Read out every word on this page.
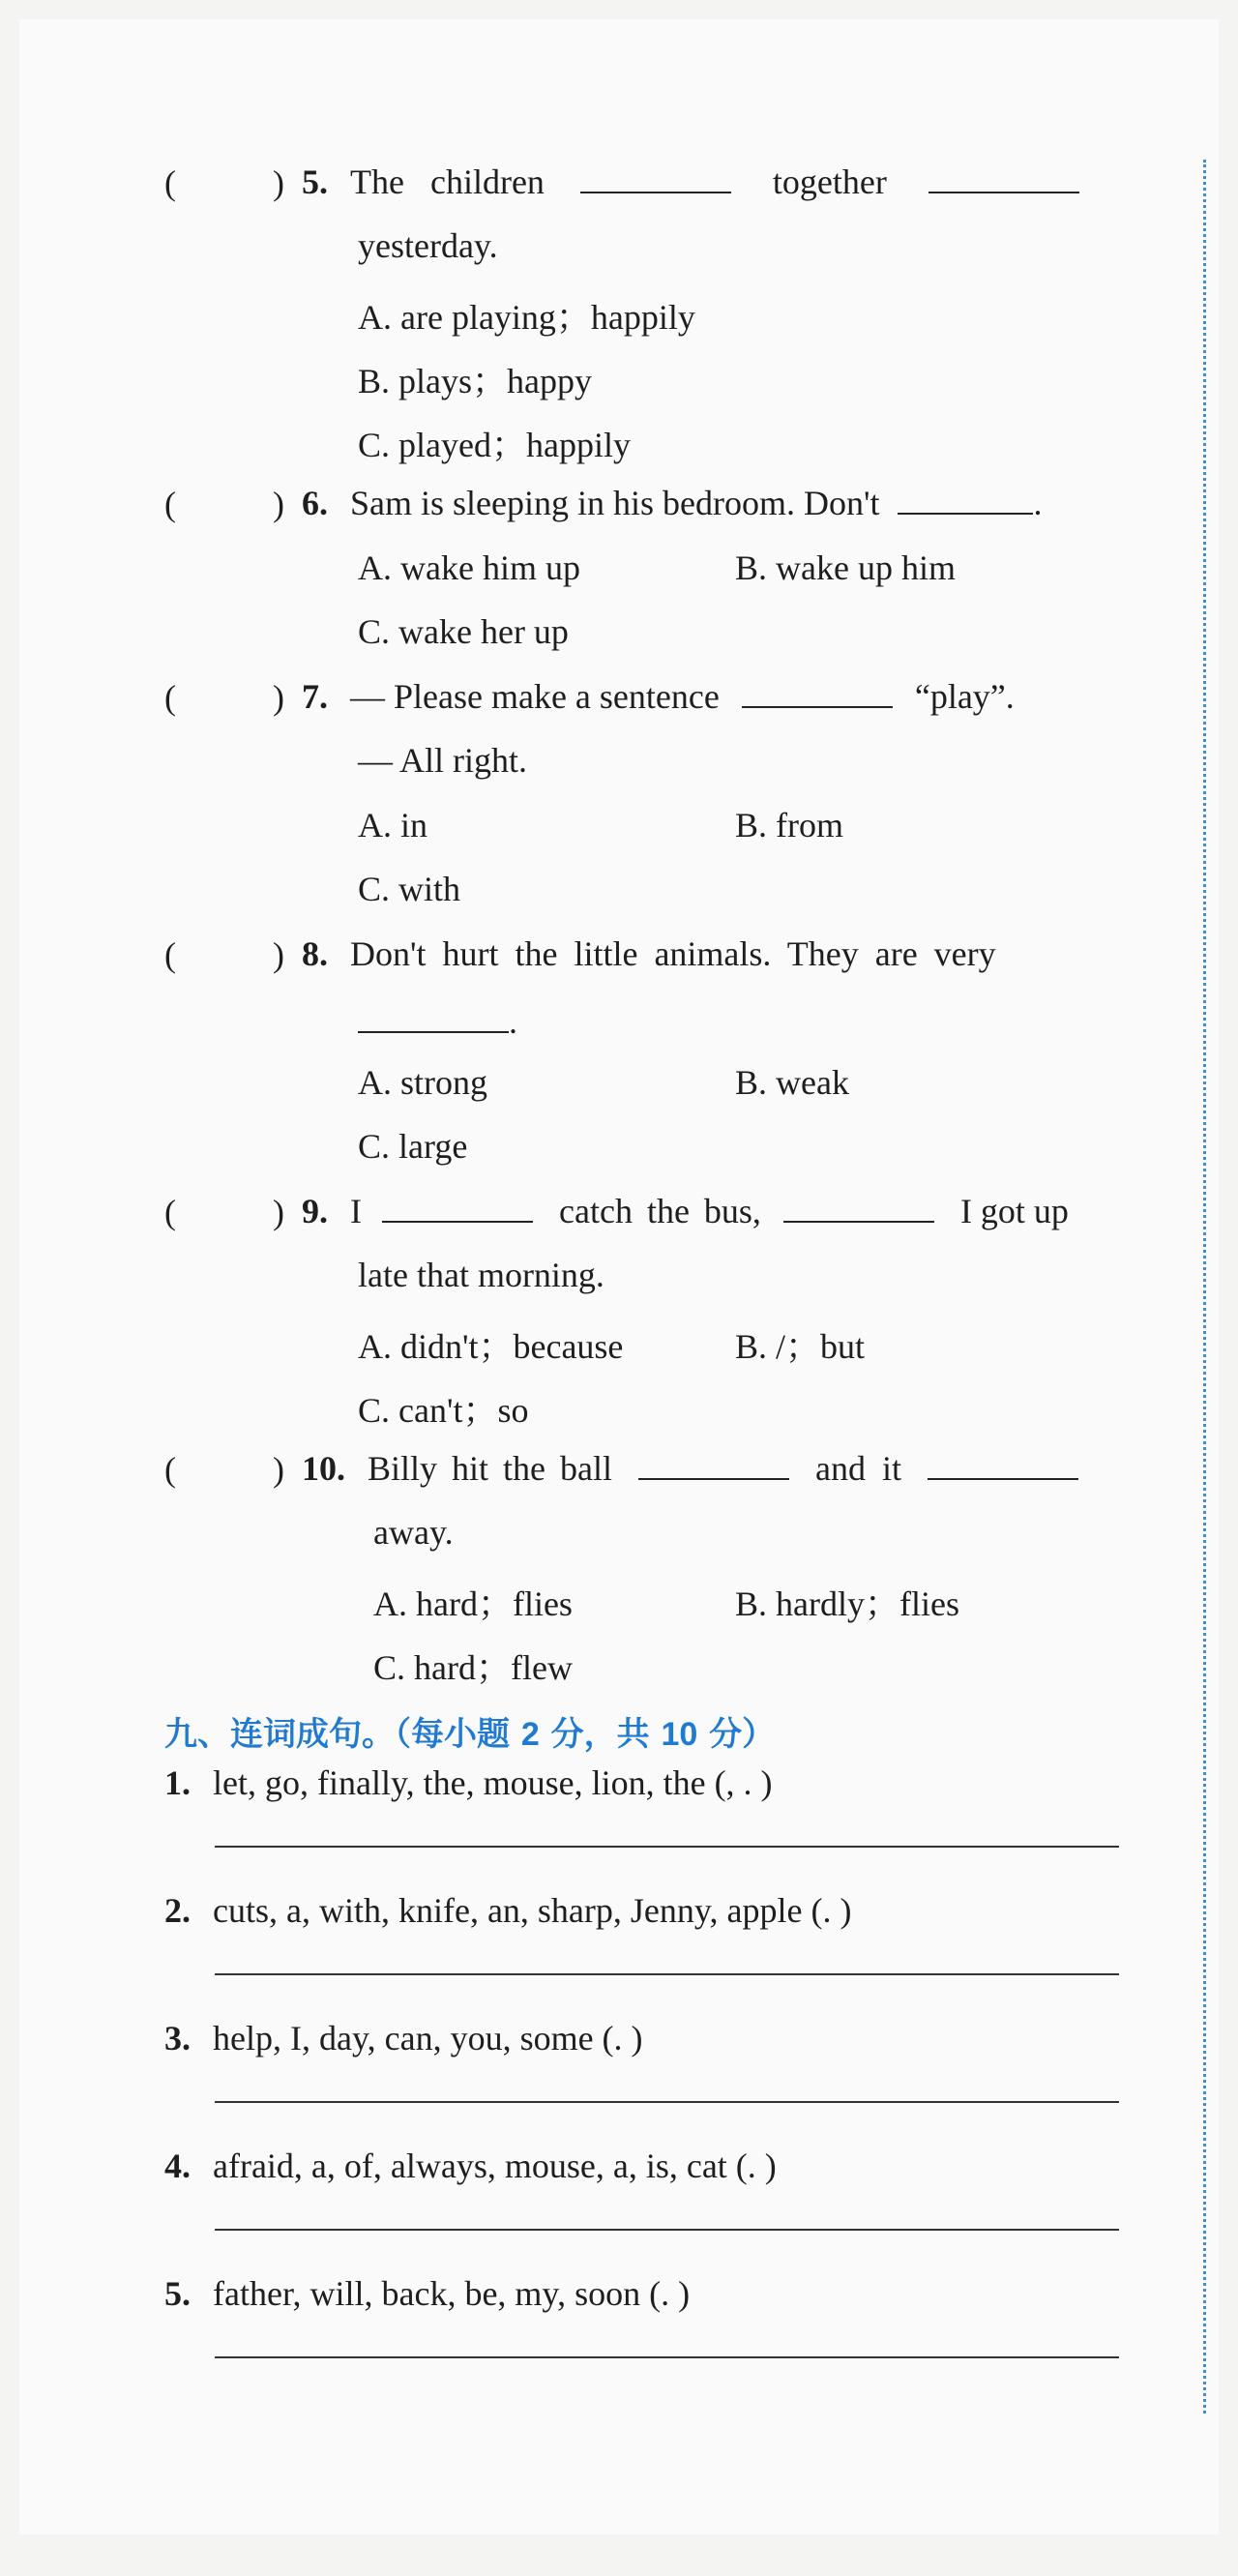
(	) 5. The children	together
yesterday.
A. are playing；happily
B. plays；happy
C. played；happily
(	) 6. Sam is sleeping in his bedroom. Don't	.
A. wake him up	B. wake up him
C. wake her up
(	) 7. — Please make a sentence	“play”.
— All right.
A. in	B. from
C. with
(	) 8. Don't hurt the little animals. They are very
.
A. strong	B. weak
C. large
(	) 9. I	catch the bus,	I got up
late that morning.
A. didn't；because	B. /；but
C. can't；so
(	) 10. Billy hit the ball	and it
away.
A. hard；flies	B. hardly；flies
C. hard；flew
九、连词成句。（每小题 2 分，共 10 分）
1. let, go, finally, the, mouse, lion, the (, . )
2. cuts, a, with, knife, an, sharp, Jenny, apple (. )
3. help, I, day, can, you, some (. )
4. afraid, a, of, always, mouse, a, is, cat (. )
5. father, will, back, be, my, soon (. )
